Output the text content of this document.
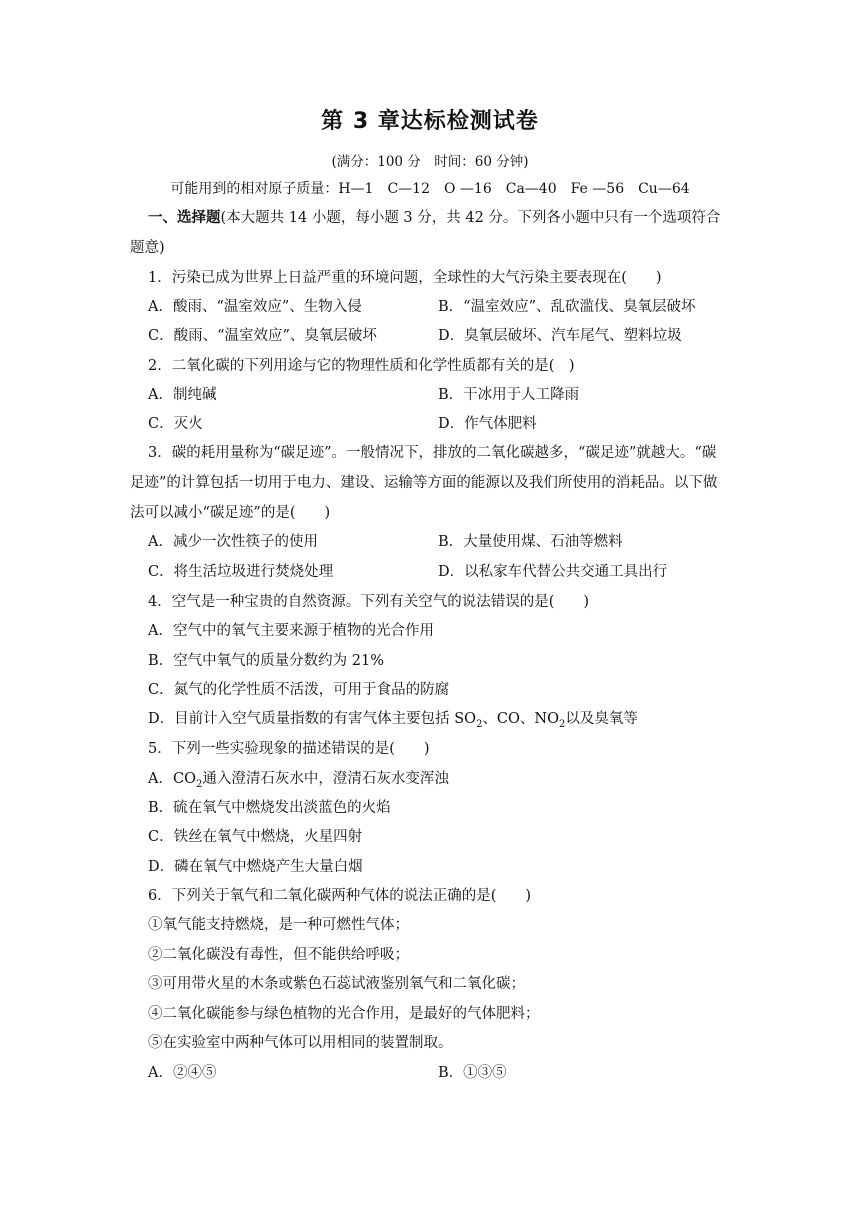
第 3 章达标检测试卷
(满分：100 分　时间：60 分钟)
可能用到的相对原子质量：H—1　C—12　O —16　Ca—40　Fe —56　Cu—64
一、选择题(本大题共 14 小题，每小题 3 分，共 42 分。下列各小题中只有一个选项符合
题意)
1．污染已成为世界上日益严重的环境问题，全球性的大气污染主要表现在(　　)
A．酸雨、“温室效应”、生物入侵	B．“温室效应”、乱砍滥伐、臭氧层破坏
C．酸雨、“温室效应”、臭氧层破坏	D．臭氧层破坏、汽车尾气、塑料垃圾
2．二氧化碳的下列用途与它的物理性质和化学性质都有关的是(　)
A．制纯碱	B．干冰用于人工降雨
C．灭火	D．作气体肥料
3．碳的耗用量称为“碳足迹”。一般情况下，排放的二氧化碳越多，“碳足迹”就越大。“碳
足迹”的计算包括一切用于电力、建设、运输等方面的能源以及我们所使用的消耗品。以下做
法可以减小“碳足迹”的是(　　)
A．减少一次性筷子的使用	B．大量使用煤、石油等燃料
C．将生活垃圾进行焚烧处理	D．以私家车代替公共交通工具出行
4．空气是一种宝贵的自然资源。下列有关空气的说法错误的是(　　)
A．空气中的氧气主要来源于植物的光合作用
B．空气中氧气的质量分数约为 21%
C．氮气的化学性质不活泼，可用于食品的防腐
D．目前计入空气质量指数的有害气体主要包括 $SO_2$、CO、$NO_2$以及臭氧等
5．下列一些实验现象的描述错误的是(　　)
A．$CO_2$通入澄清石灰水中，澄清石灰水变浑浊
B．硫在氧气中燃烧发出淡蓝色的火焰
C．铁丝在氧气中燃烧，火星四射
D．磷在氧气中燃烧产生大量白烟
6．下列关于氧气和二氧化碳两种气体的说法正确的是(　　)
①氧气能支持燃烧，是一种可燃性气体；
②二氧化碳没有毒性，但不能供给呼吸；
③可用带火星的木条或紫色石蕊试液鉴别氧气和二氧化碳；
④二氧化碳能参与绿色植物的光合作用，是最好的气体肥料；
⑤在实验室中两种气体可以用相同的装置制取。
A．②④⑤	B．①③⑤
